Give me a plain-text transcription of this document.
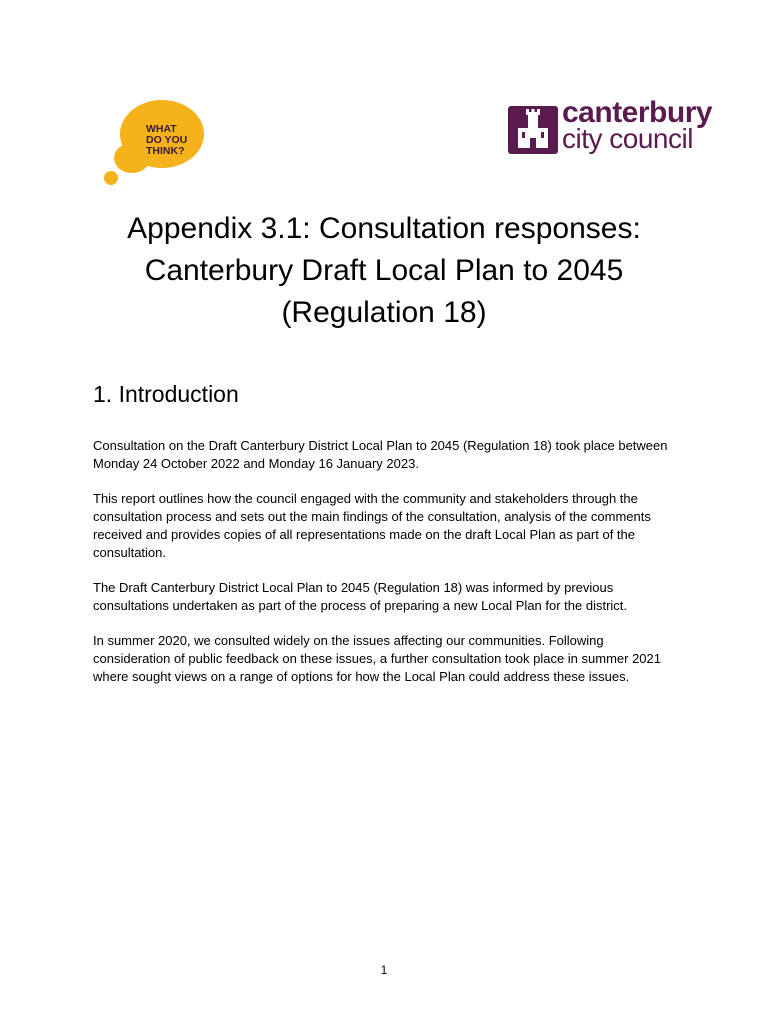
WHAT
DO YOU
THINK?
canterbury
city council
Appendix 3.1: Consultation responses:
Canterbury Draft Local Plan to 2045
(Regulation 18)
1. Introduction

Consultation on the Draft Canterbury District Local Plan to 2045 (Regulation 18) took place between Monday 24 October 2022 and Monday 16 January 2023.

This report outlines how the council engaged with the community and stakeholders through the consultation process and sets out the main findings of the consultation, analysis of the comments received and provides copies of all representations made on the draft Local Plan as part of the consultation.

The Draft Canterbury District Local Plan to 2045 (Regulation 18) was informed by previous consultations undertaken as part of the process of preparing a new Local Plan for the district.

In summer 2020, we consulted widely on the issues affecting our communities. Following consideration of public feedback on these issues, a further consultation took place in summer 2021 where sought views on a range of options for how the Local Plan could address these issues.

1
